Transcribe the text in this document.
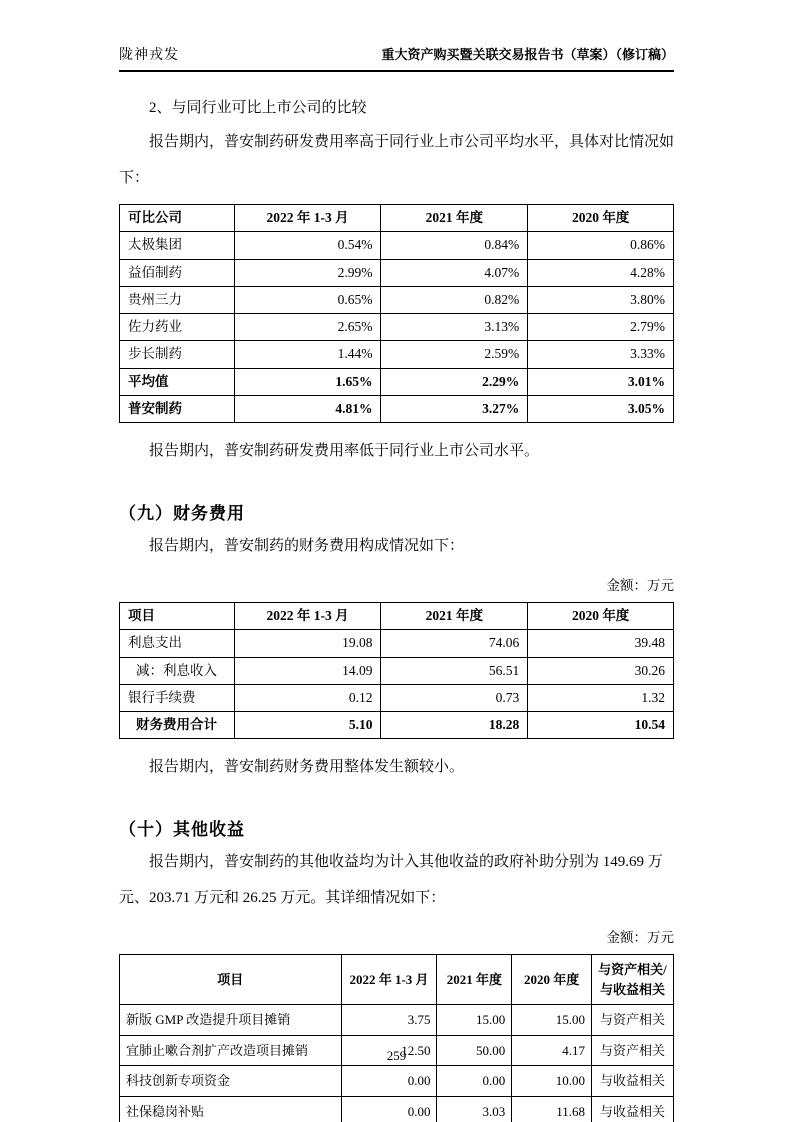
陇神戎发	重大资产购买暨关联交易报告书（草案）（修订稿）
2、与同行业可比上市公司的比较

报告期内，普安制药研发费用率高于同行业上市公司平均水平，具体对比情况如下：

可比公司	2022 年 1-3 月	2021 年度	2020 年度
太极集团	0.54%	0.84%	0.86%
益佰制药	2.99%	4.07%	4.28%
贵州三力	0.65%	0.82%	3.80%
佐力药业	2.65%	3.13%	2.79%
步长制药	1.44%	2.59%	3.33%
平均值	1.65%	2.29%	3.01%
普安制药	4.81%	3.27%	3.05%

报告期内，普安制药研发费用率低于同行业上市公司水平。

（九）财务费用

报告期内，普安制药的财务费用构成情况如下：

金额：万元
项目	2022 年 1-3 月	2021 年度	2020 年度
利息支出	19.08	74.06	39.48
减：利息收入	14.09	56.51	30.26
银行手续费	0.12	0.73	1.32
财务费用合计	5.10	18.28	10.54

报告期内，普安制药财务费用整体发生额较小。

（十）其他收益

报告期内，普安制药的其他收益均为计入其他收益的政府补助分别为 149.69 万元、203.71 万元和 26.25 万元。其详细情况如下：

金额：万元
项目	2022 年 1-3 月	2021 年度	2020 年度	与资产相关/与收益相关
新版 GMP 改造提升项目摊销	3.75	15.00	15.00	与资产相关
宜肺止嗽合剂扩产改造项目摊销	12.50	50.00	4.17	与资产相关
科技创新专项资金	0.00	0.00	10.00	与收益相关
社保稳岗补贴	0.00	3.03	11.68	与收益相关
259
